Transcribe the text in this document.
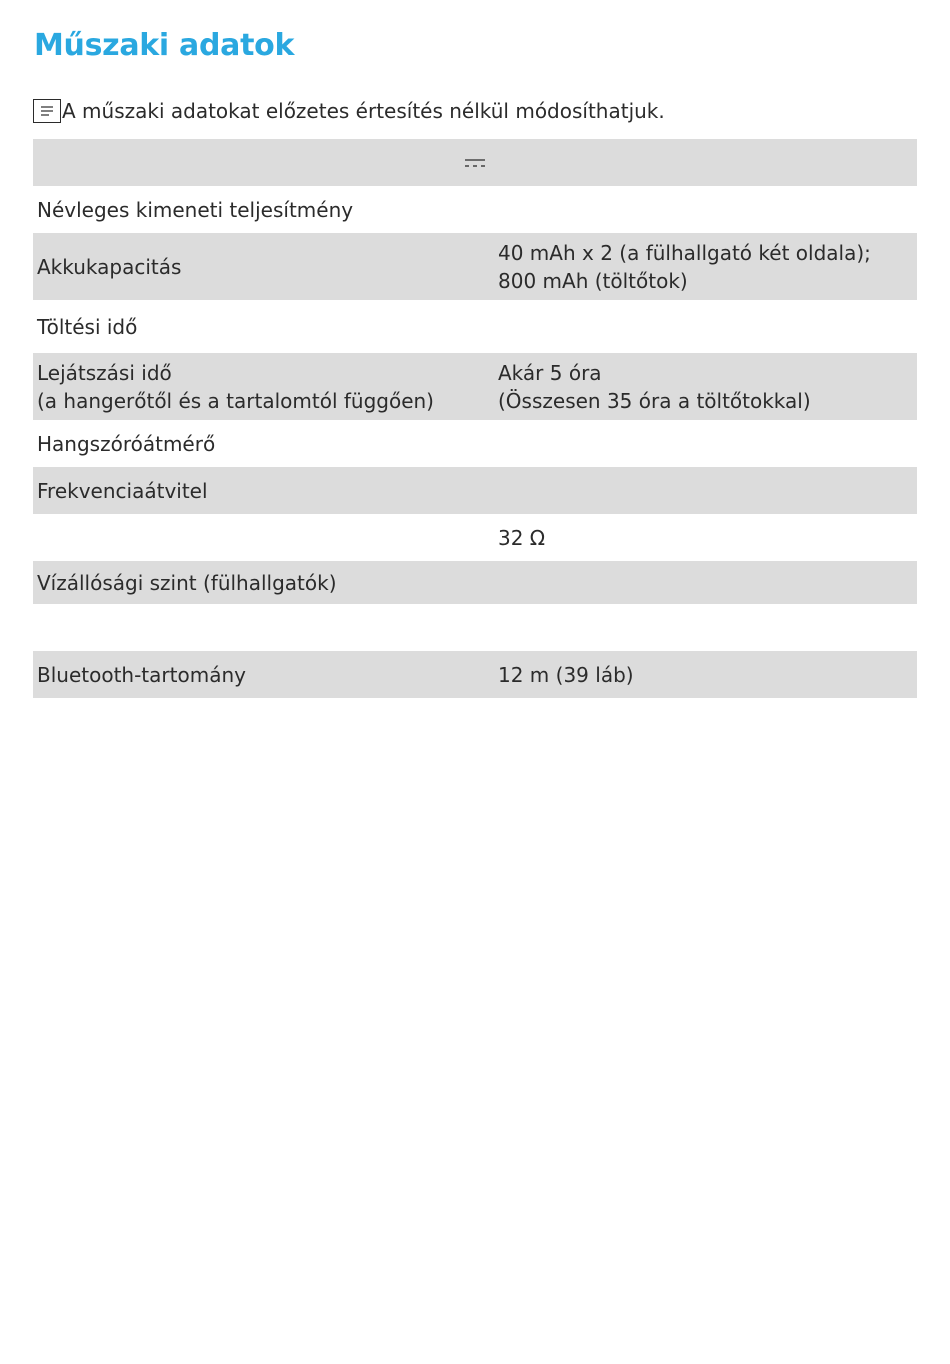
Műszaki adatok
A műszaki adatokat előzetes értesítés nélkül módosíthatjuk.
Névleges kimeneti teljesítmény
Akkukapacitás
40 mAh x 2 (a fülhallgató két oldala);
800 mAh (töltőtok)
Töltési idő
Lejátszási idő
(a hangerőtől és a tartalomtól függően)
Akár 5 óra
(Összesen 35 óra a töltőtokkal)
Hangszóróátmérő
Frekvenciaátvitel
32 Ω
Vízállósági szint (fülhallgatók)
Bluetooth-tartomány	12 m (39 láb)
